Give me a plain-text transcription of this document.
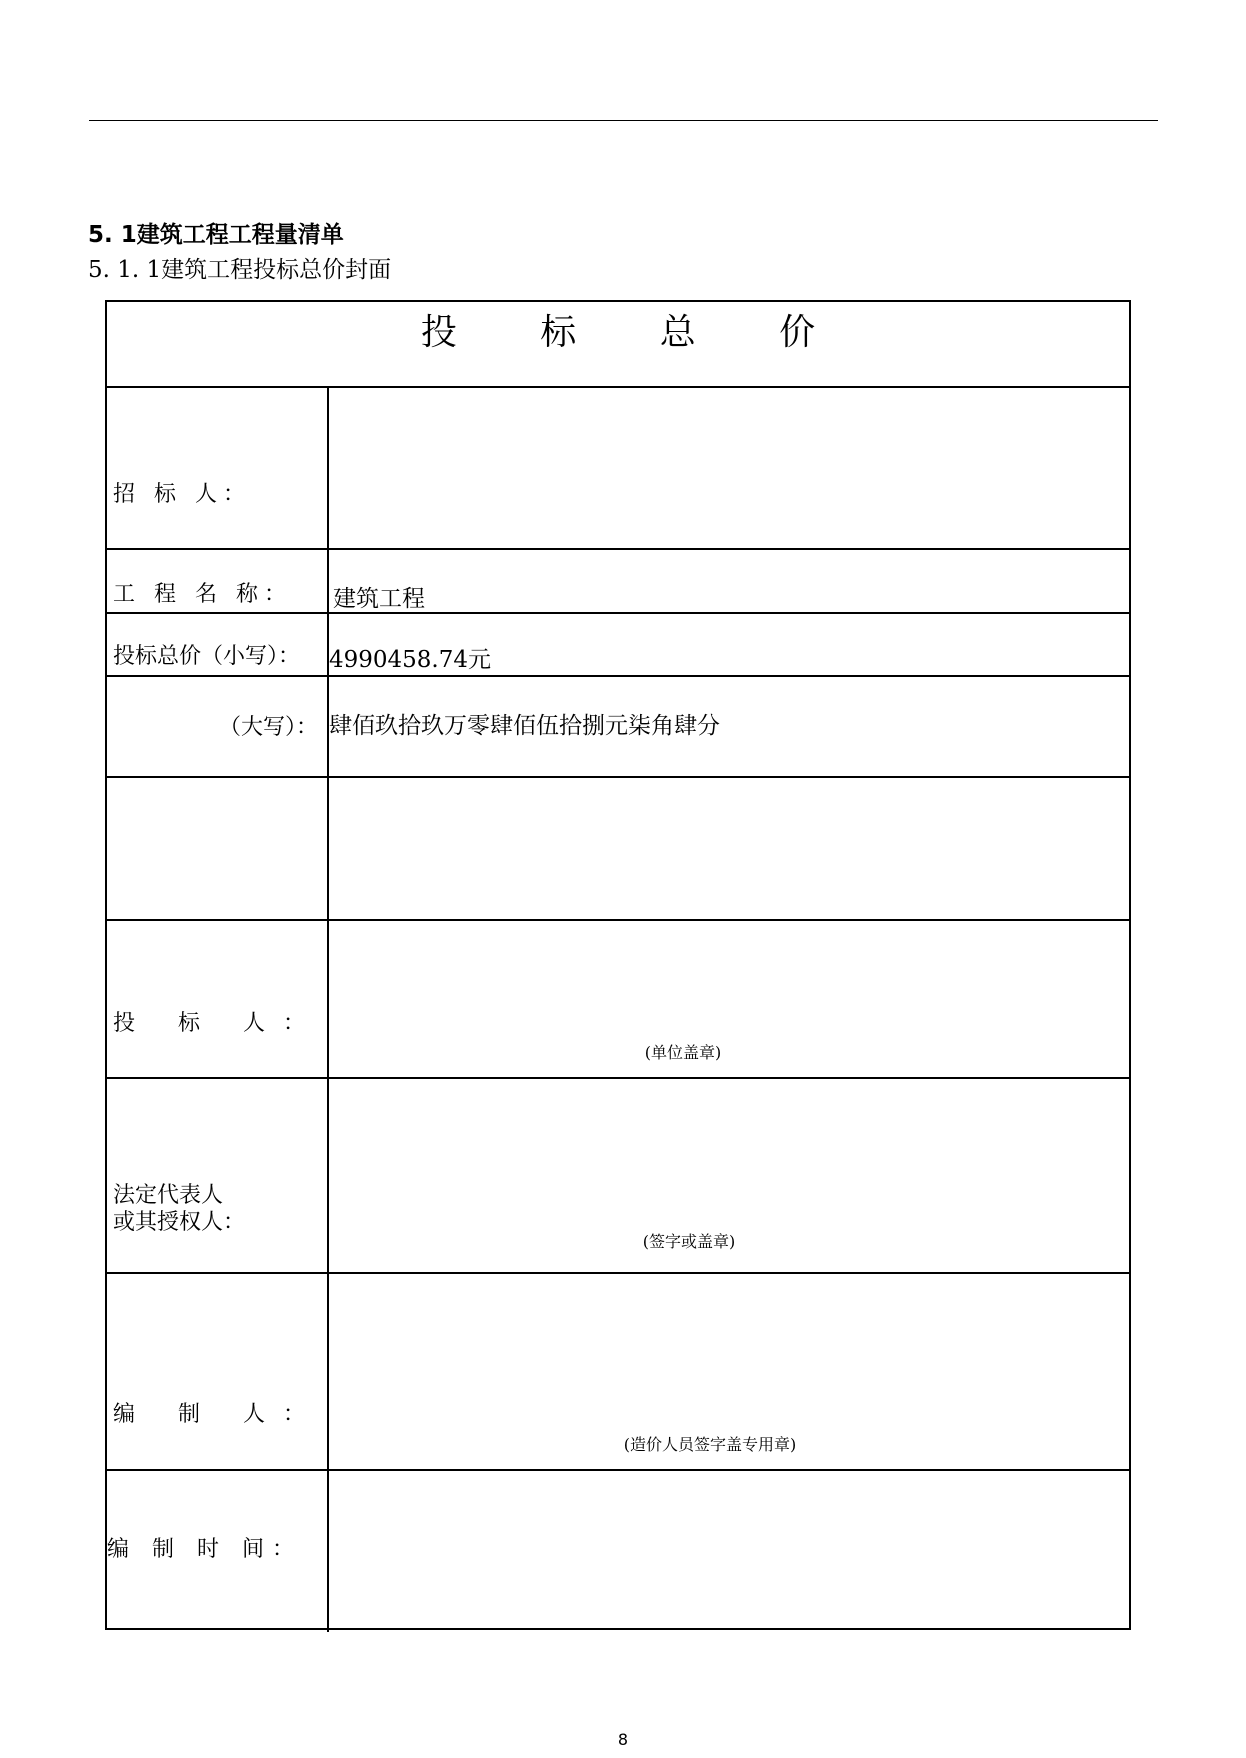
5. 1建筑工程工程量清单
5. 1. 1建筑工程投标总价封面
投 标 总 价
招 标 人：
工 程 名 称： 建筑工程
投标总价（小写）： 4990458.74元
（大写）： 肆佰玖拾玖万零肆佰伍拾捌元柒角肆分
投 标 人：
(单位盖章)
法定代表人
或其授权人：
(签字或盖章)
编 制 人：
(造价人员签字盖专用章)
编 制 时 间：
8
